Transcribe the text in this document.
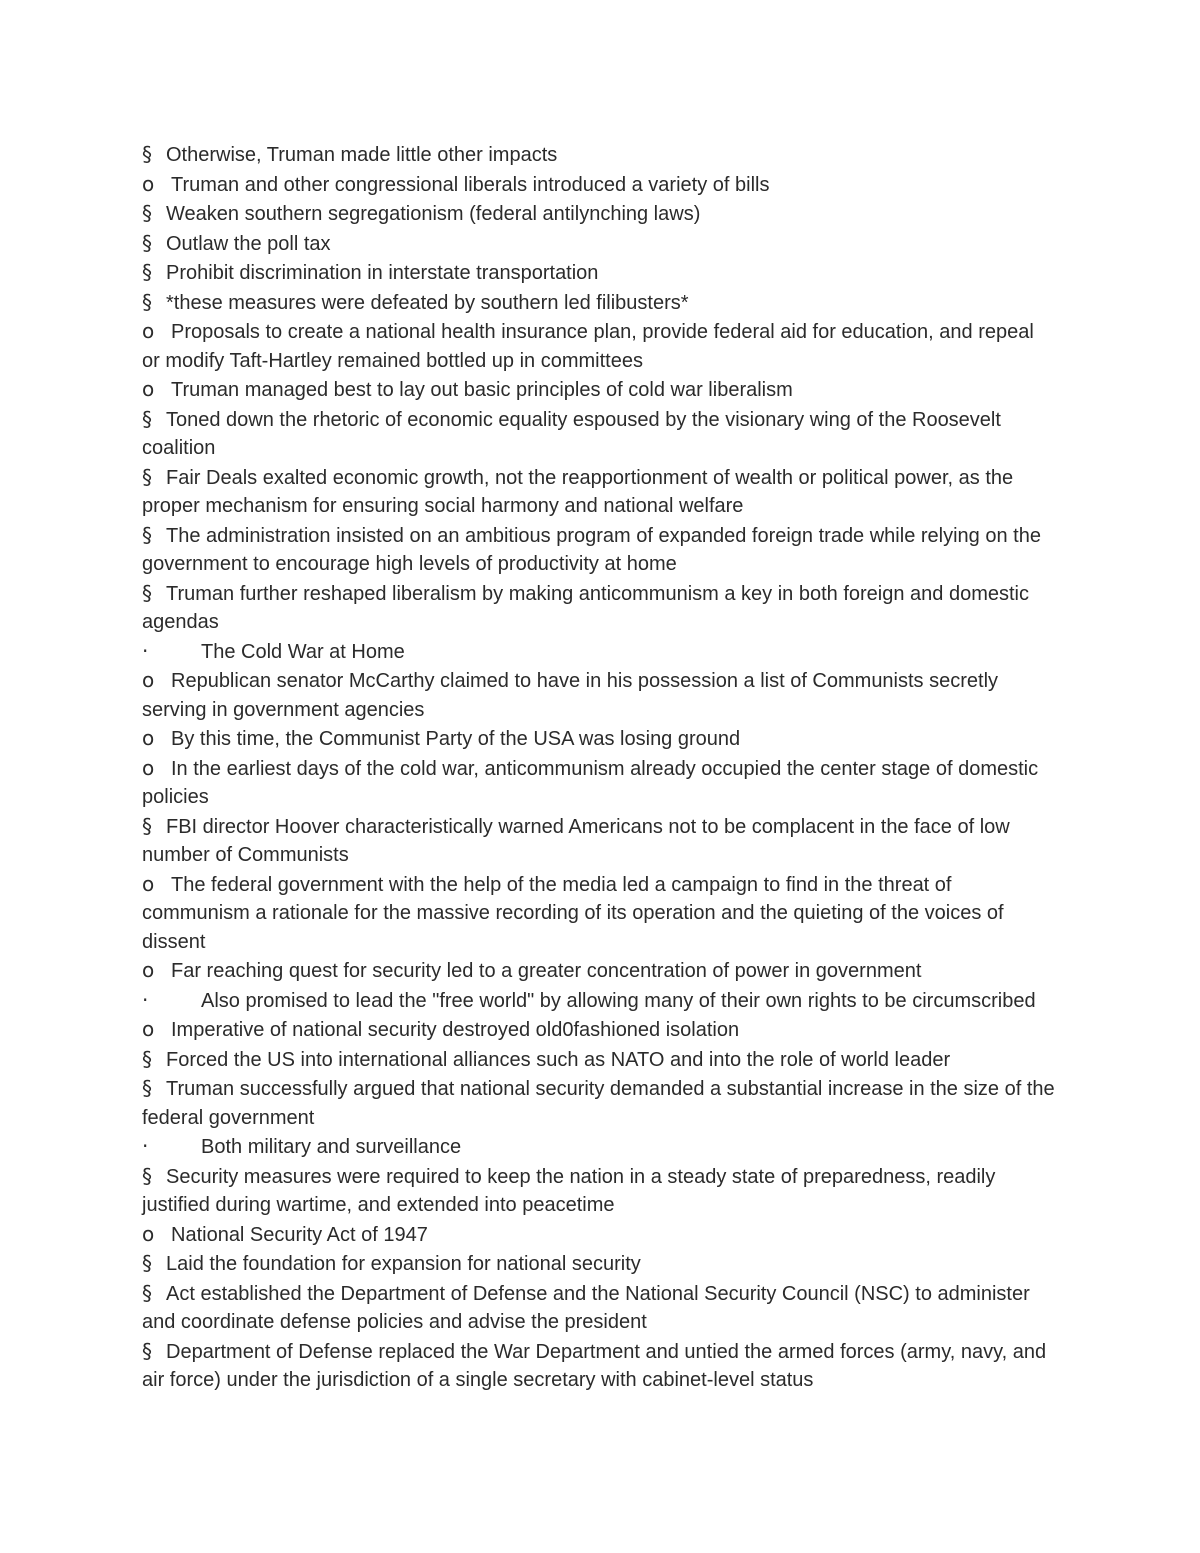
§ Otherwise, Truman made little other impacts

o Truman and other congressional liberals introduced a variety of bills

§ Weaken southern segregationism (federal antilynching laws)

§ Outlaw the poll tax

§ Prohibit discrimination in interstate transportation

§ *these measures were defeated by southern led filibusters*

o Proposals to create a national health insurance plan, provide federal aid for education, and repeal or modify Taft-Hartley remained bottled up in committees

o Truman managed best to lay out basic principles of cold war liberalism

§ Toned down the rhetoric of economic equality espoused by the visionary wing of the Roosevelt coalition

§ Fair Deals exalted economic growth, not the reapportionment of wealth or political power, as the proper mechanism for ensuring social harmony and national welfare

§ The administration insisted on an ambitious program of expanded foreign trade while relying on the government to encourage high levels of productivity at home

§ Truman further reshaped liberalism by making anticommunism a key in both foreign and domestic agendas

·	The Cold War at Home

o Republican senator McCarthy claimed to have in his possession a list of Communists secretly serving in government agencies

o By this time, the Communist Party of the USA was losing ground

o In the earliest days of the cold war, anticommunism already occupied the center stage of domestic policies

§ FBI director Hoover characteristically warned Americans not to be complacent in the face of low number of Communists

o The federal government with the help of the media led a campaign to find in the threat of communism a rationale for the massive recording of its operation and the quieting of the voices of dissent

o Far reaching quest for security led to a greater concentration of power in government

·	Also promised to lead the "free world" by allowing many of their own rights to be circumscribed

o Imperative of national security destroyed old0fashioned isolation

§ Forced the US into international alliances such as NATO and into the role of world leader

§ Truman successfully argued that national security demanded a substantial increase in the size of the federal government

·	Both military and surveillance

§ Security measures were required to keep the nation in a steady state of preparedness, readily justified during wartime, and extended into peacetime

o National Security Act of 1947

§ Laid the foundation for expansion for national security

§ Act established the Department of Defense and the National Security Council (NSC) to administer and coordinate defense policies and advise the president

§ Department of Defense replaced the War Department and untied the armed forces (army, navy, and air force) under the jurisdiction of a single secretary with cabinet-level status
